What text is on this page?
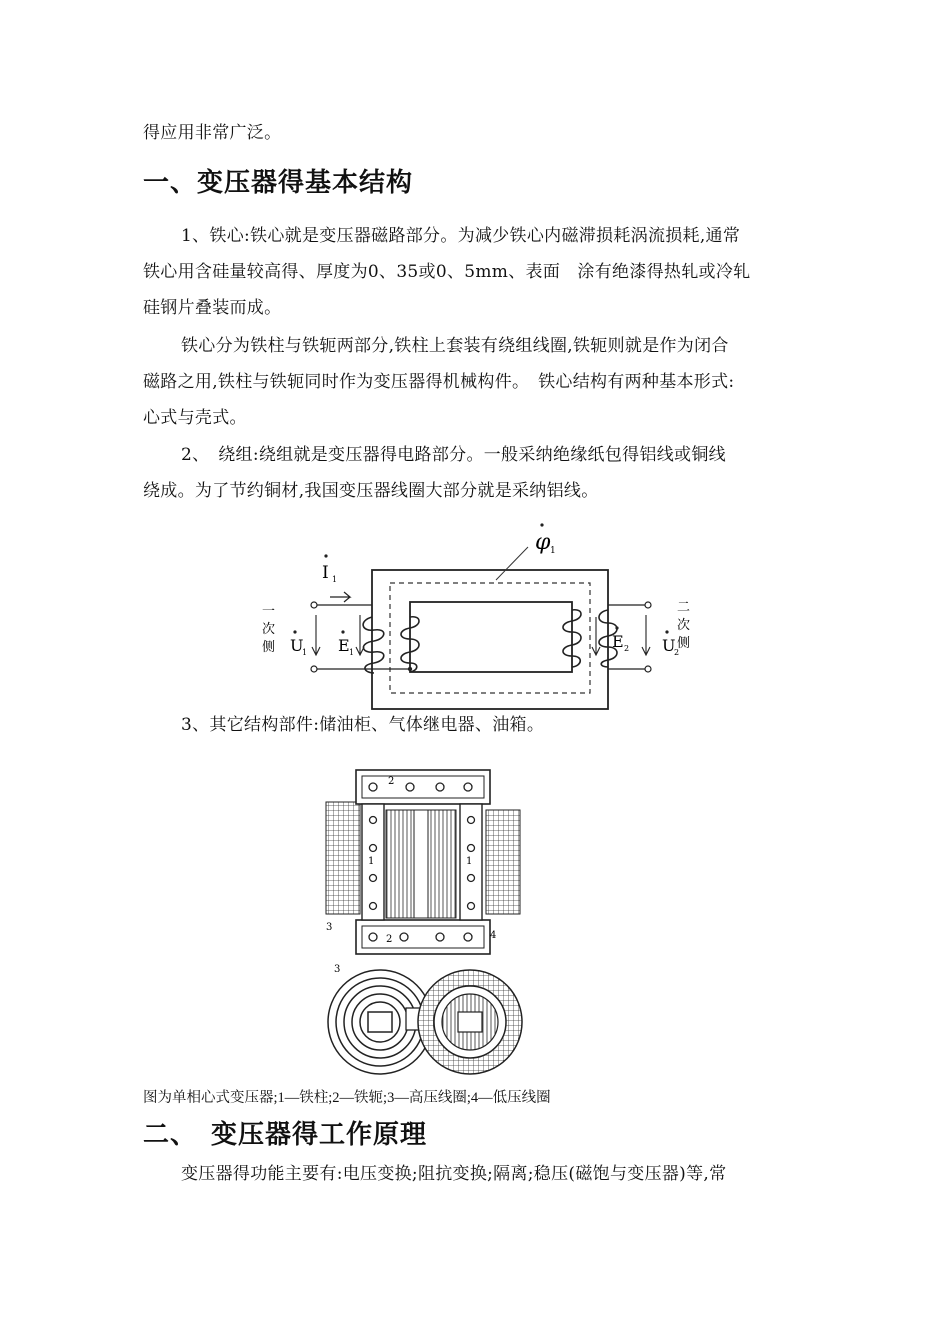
得应用非常广泛。
一、变压器得基本结构
1、铁心:铁心就是变压器磁路部分。为减少铁心内磁滞损耗涡流损耗,通常
铁心用含硅量较高得、厚度为0、35或0、5mm、表面　涂有绝漆得热轧或冷轧
硅钢片叠装而成。
铁心分为铁柱与铁轭两部分,铁柱上套装有绕组线圈,铁轭则就是作为闭合
磁路之用,铁柱与铁轭同时作为变压器得机械构件。　铁心结构有两种基本形式:
心式与壳式。
2、　绕组:绕组就是变压器得电路部分。一般采纳绝缘纸包得铝线或铜线
绕成。为了节约铜材,我国变压器线圈大部分就是采纳铝线。
φ 1
I 1
U
1 E 1
一
次
侧	E 2 U
2
二
次
侧
3、其它结构部件:储油柜、气体继电器、油箱。
2
1
3
4
2
1
3
图为单相心式变压器;1—铁柱;2—铁轭;3—高压线圈;4—低压线圈
二、　变压器得工作原理
变压器得功能主要有:电压变换;阻抗变换;隔离;稳压(磁饱与变压器)等,常
